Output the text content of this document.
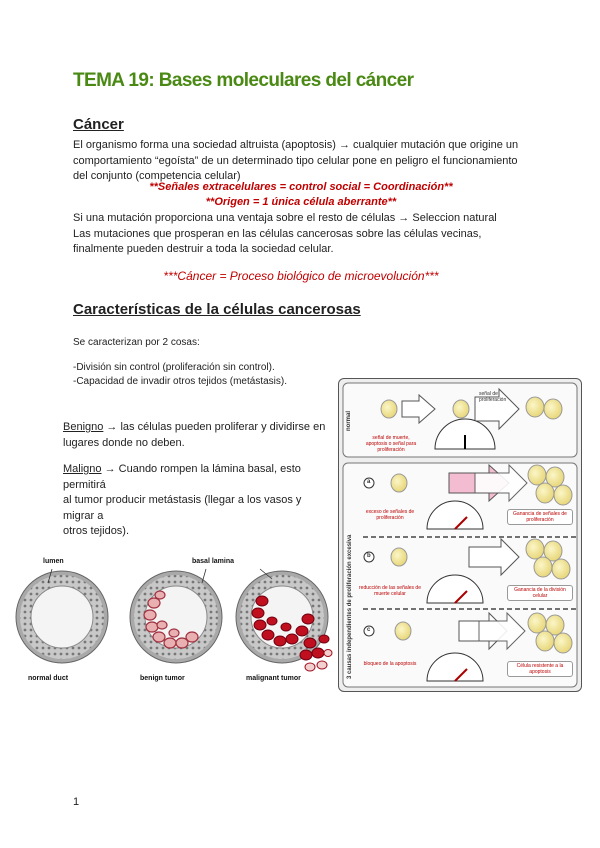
TEMA 19: Bases moleculares del cáncer
Cáncer
El organismo forma una sociedad altruista (apoptosis) → cualquier mutación que origine un
comportamiento “egoísta” de un determinado tipo celular pone en peligro el funcionamiento
del conjunto (competencia celular)
**Señales extracelulares = control social = Coordinación**
**Origen = 1 única célula aberrante**
Si una mutación proporciona una ventaja sobre el resto de células → Seleccion natural
Las mutaciones que prosperan en las células cancerosas sobre las células vecinas,
finalmente pueden destruir a toda la sociedad celular.
***Cáncer = Proceso biológico de microevolución***
Características de la células cancerosas
Se caracterizan por 2 cosas:
-División sin control (proliferación sin control).
-Capacidad de invadir otros tejidos (metástasis).
Benigno → las células pueden proliferar y dividirse en
lugares donde no deben.
Maligno → Cuando rompen la lámina basal, esto permitirá
al tumor producir metástasis (llegar a los vasos y migrar a
otros tejidos).
lumen	basal lamina
normal duct	benign tumor	malignant tumor
normal
3 causas independientes de proliferación excesiva
a
b
c
señal de muerte, apoptosis o señal para proliferación
señal de proliferación
exceso de señales de proliferación
reducción de las señales de muerte celular
bloqueo de la apoptosis
Ganancia de señales de proliferación
Ganancia de la división celular
Célula resistente a la apoptosis
1
